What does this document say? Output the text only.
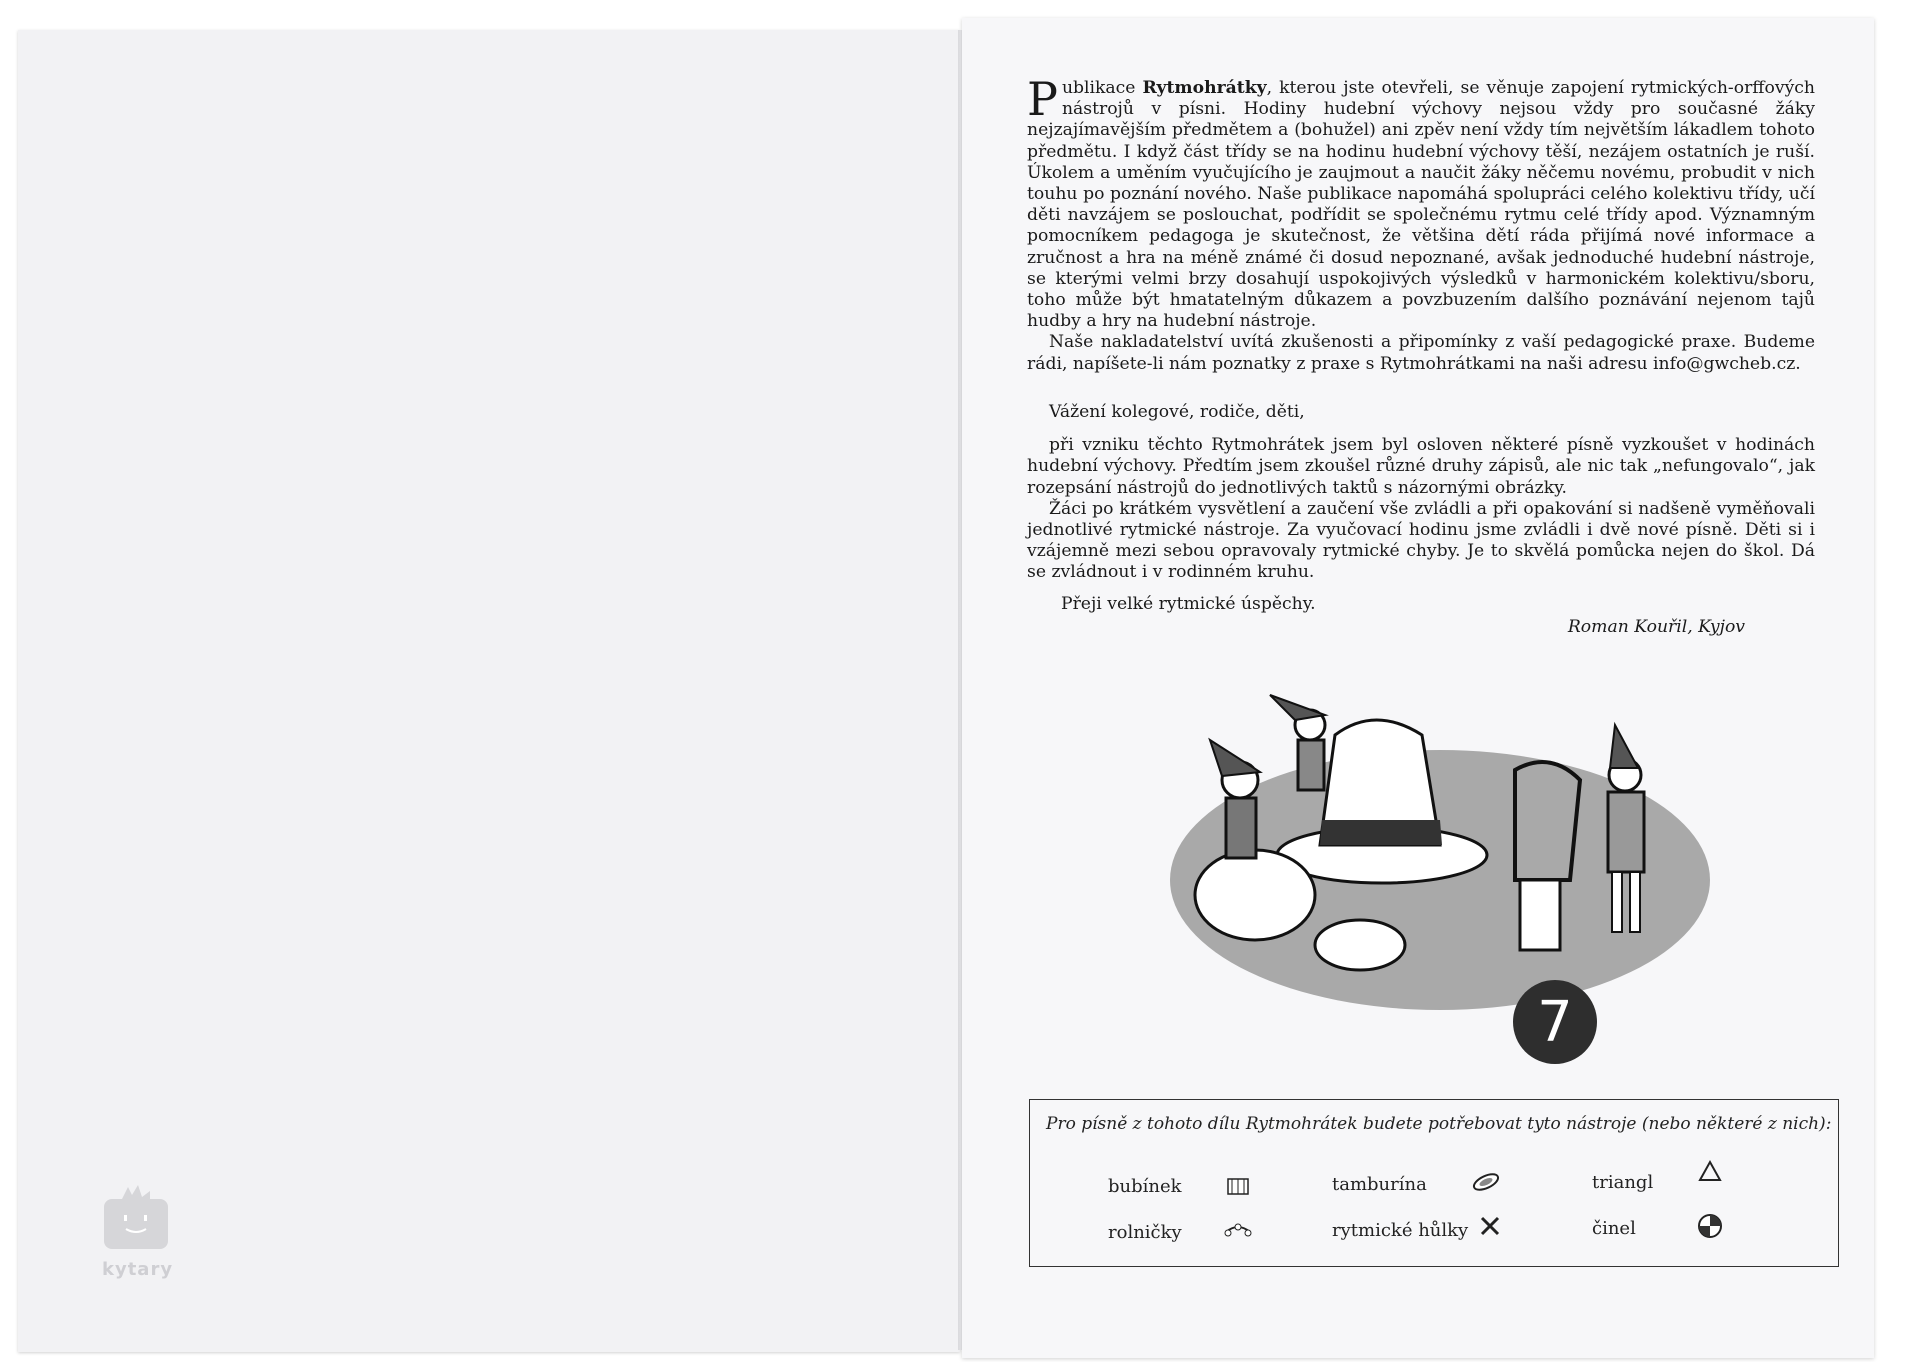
Publikace Rytmohrátky, kterou jste otevřeli, se věnuje zapojení rytmických-orffových nástrojů v písni. Hodiny hudební výchovy nejsou vždy pro současné žáky nejzajímavějším předmětem a (bohužel) ani zpěv není vždy tím největším lákadlem tohoto předmětu. I když část třídy se na hodinu hudební výchovy těší, nezájem ostatních je ruší. Úkolem a uměním vyučujícího je zaujmout a naučit žáky něčemu novému, probudit v nich touhu po poznání nového. Naše publikace napomáhá spolupráci celého kolektivu třídy, učí děti navzájem se poslouchat, podřídit se společnému rytmu celé třídy apod. Významným pomocníkem pedagoga je skutečnost, že většina dětí ráda přijímá nové informace a zručnost a hra na méně známé či dosud nepoznané, avšak jednoduché hudební nástroje, se kterými velmi brzy dosahují uspokojivých výsledků v harmonickém kolektivu/sboru, toho může být hmatatelným důkazem a povzbuzením dalšího poznávání nejenom tajů hudby a hry na hudební nástroje.

Naše nakladatelství uvítá zkušenosti a připomínky z vaší pedagogické praxe. Budeme rádi, napíšete-li nám poznatky z praxe s Rytmohrátkami na naši adresu info@gwcheb.cz.

Vážení kolegové, rodiče, děti,

při vzniku těchto Rytmohrátek jsem byl osloven některé písně vyzkoušet v hodinách hudební výchovy. Předtím jsem zkoušel různé druhy zápisů, ale nic tak „nefungovalo“, jak rozepsání nástrojů do jednotlivých taktů s názornými obrázky.

Žáci po krátkém vysvětlení a zaučení vše zvládli a při opakování si nadšeně vyměňovali jednotlivé rytmické nástroje. Za vyučovací hodinu jsme zvládli i dvě nové písně. Děti si i vzájemně mezi sebou opravovaly rytmické chyby. Je to skvělá pomůcka nejen do škol. Dá se zvládnout i v rodinném kruhu.

Přeji velké rytmické úspěchy.

Roman Kouřil, Kyjov

7
Pro písně z tohoto dílu Rytmohrátek budete potřebovat tyto nástroje (nebo některé z nich):
bubínek	tamburína	triangl
rolničky	rytmické hůlky	činel
kytary
